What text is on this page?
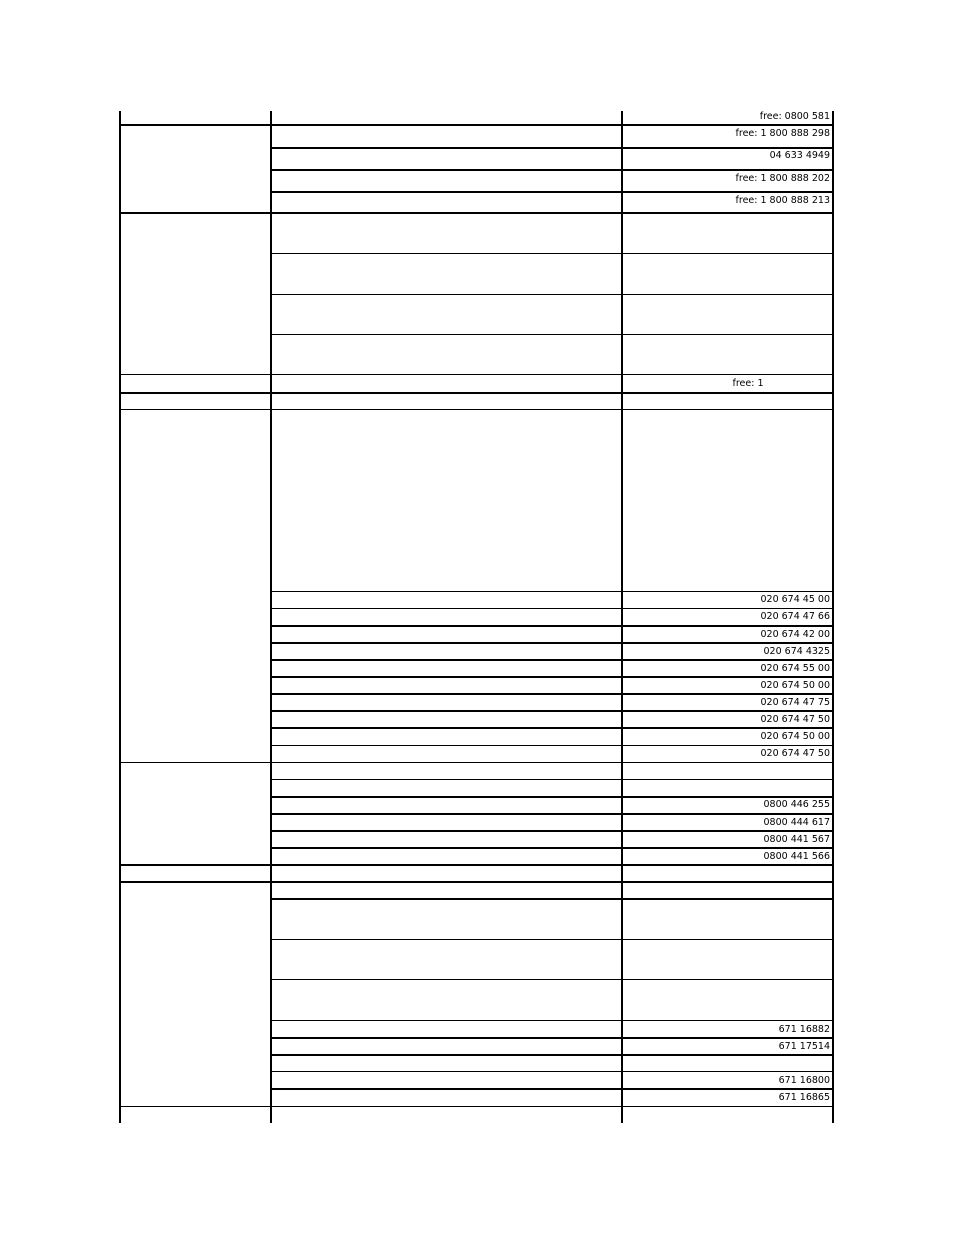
free: 0800 581
free: 1 800 888 298
04 633 4949
free: 1 800 888 202
free: 1 800 888 213
free: 1
020 674 45 00
020 674 47 66
020 674 42 00
020 674 4325
020 674 55 00
020 674 50 00
020 674 47 75
020 674 47 50
020 674 50 00
020 674 47 50
0800 446 255
0800 444 617
0800 441 567
0800 441 566
671 16882
671 17514
671 16800
671 16865
